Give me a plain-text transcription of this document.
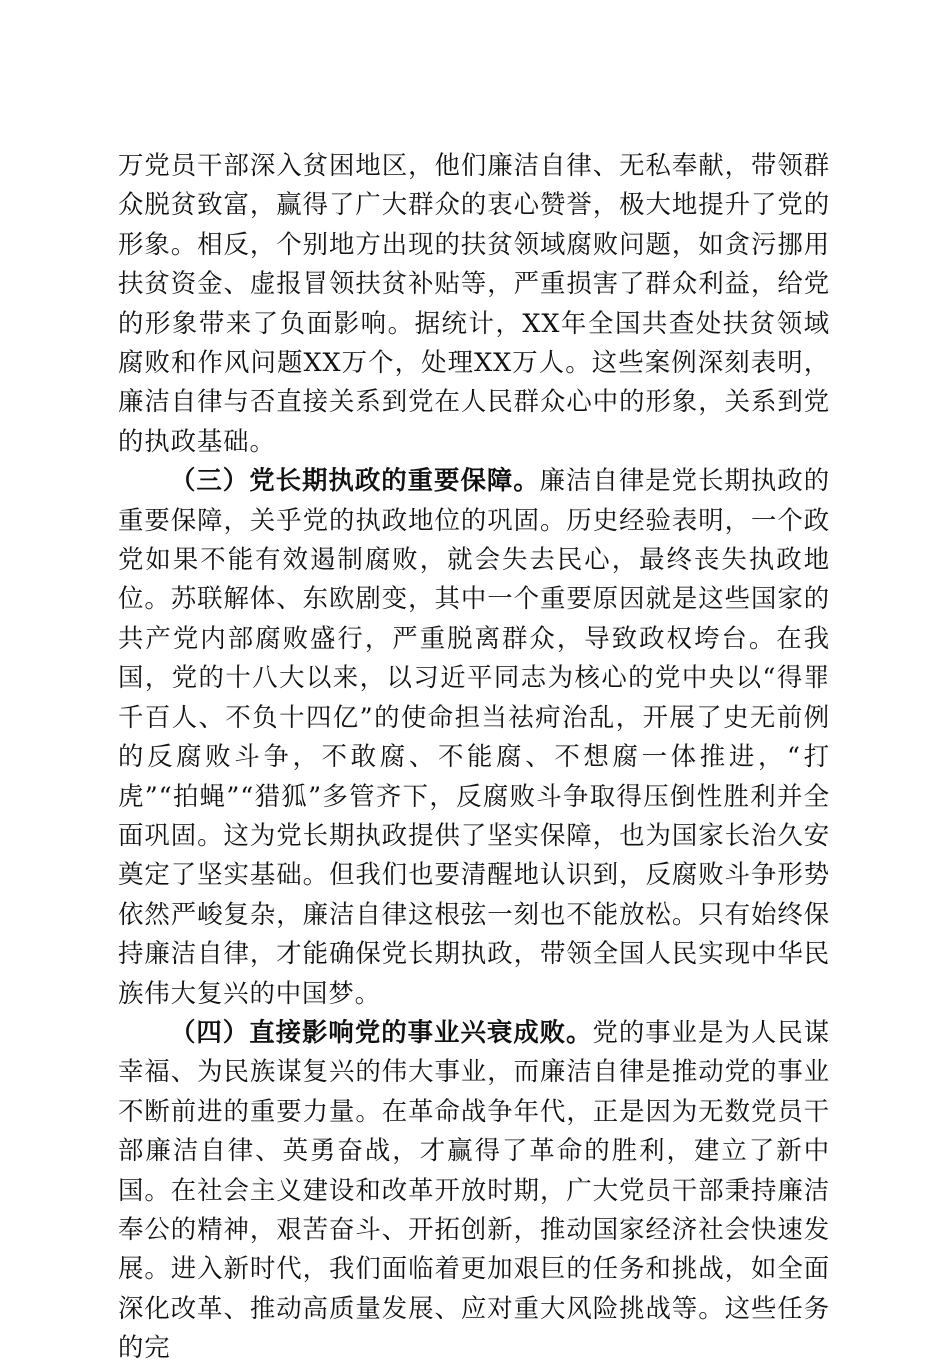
万党员干部深入贫困地区，他们廉洁自律、无私奉献，带领群众脱贫致富，赢得了广大群众的衷心赞誉，极大地提升了党的形象。相反，个别地方出现的扶贫领域腐败问题，如贪污挪用扶贫资金、虚报冒领扶贫补贴等，严重损害了群众利益，给党的形象带来了负面影响。据统计，XX年全国共查处扶贫领域腐败和作风问题XX万个，处理XX万人。这些案例深刻表明，廉洁自律与否直接关系到党在人民群众心中的形象，关系到党的执政基础。

（三）党长期执政的重要保障。廉洁自律是党长期执政的重要保障，关乎党的执政地位的巩固。历史经验表明，一个政党如果不能有效遏制腐败，就会失去民心，最终丧失执政地位。苏联解体、东欧剧变，其中一个重要原因就是这些国家的共产党内部腐败盛行，严重脱离群众，导致政权垮台。在我国，党的十八大以来，以习近平同志为核心的党中央以“得罪千百人、不负十四亿”的使命担当祛疴治乱，开展了史无前例的反腐败斗争，不敢腐、不能腐、不想腐一体推进，“打虎”“拍蝇”“猎狐”多管齐下，反腐败斗争取得压倒性胜利并全面巩固。这为党长期执政提供了坚实保障，也为国家长治久安奠定了坚实基础。但我们也要清醒地认识到，反腐败斗争形势依然严峻复杂，廉洁自律这根弦一刻也不能放松。只有始终保持廉洁自律，才能确保党长期执政，带领全国人民实现中华民族伟大复兴的中国梦。

（四）直接影响党的事业兴衰成败。党的事业是为人民谋幸福、为民族谋复兴的伟大事业，而廉洁自律是推动党的事业不断前进的重要力量。在革命战争年代，正是因为无数党员干部廉洁自律、英勇奋战，才赢得了革命的胜利，建立了新中国。在社会主义建设和改革开放时期，广大党员干部秉持廉洁奉公的精神，艰苦奋斗、开拓创新，推动国家经济社会快速发展。进入新时代，我们面临着更加艰巨的任务和挑战，如全面深化改革、推动高质量发展、应对重大风险挑战等。这些任务的完
